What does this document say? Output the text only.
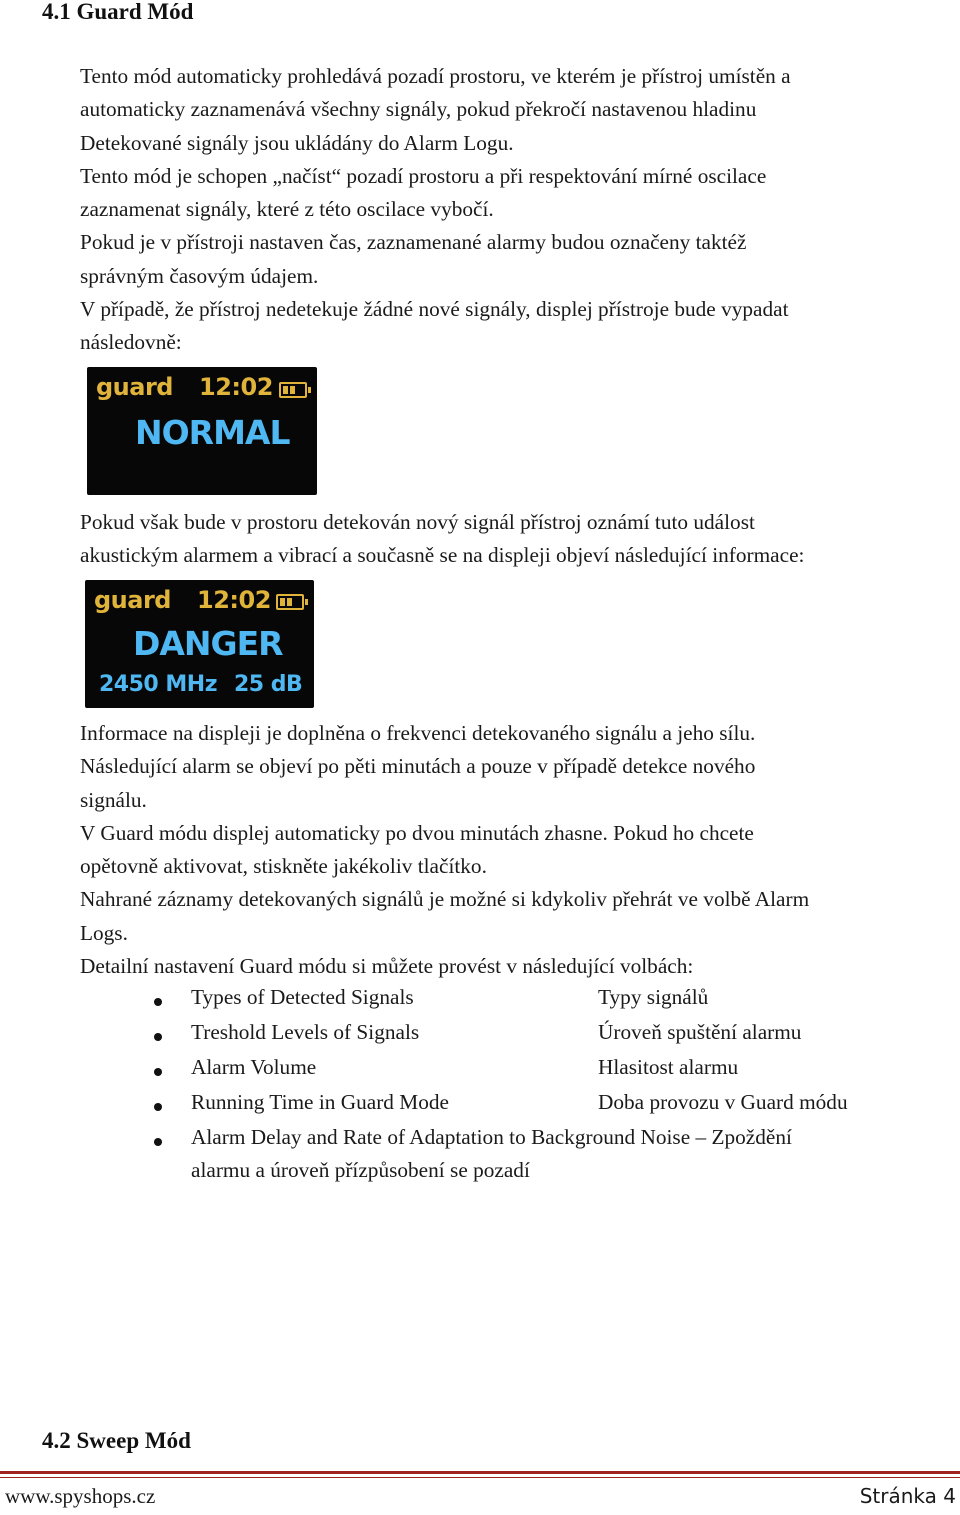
4.1 Guard Mód
Tento mód automaticky prohledává pozadí prostoru, ve kterém je přístroj umístěn a
automaticky zaznamenává všechny signály, pokud překročí nastavenou hladinu
Detekované signály jsou ukládány do Alarm Logu.
Tento mód je schopen „načíst“ pozadí prostoru a při respektování mírné oscilace
zaznamenat signály, které z této oscilace vybočí.
Pokud je v přístroji nastaven čas, zaznamenané alarmy budou označeny taktéž
správným časovým údajem.
V případě, že přístroj nedetekuje žádné nové signály, displej přístroje bude vypadat
následovně:
guard 12:02
NORMAL
Pokud však bude v prostoru detekován nový signál přístroj oznámí tuto událost
akustickým alarmem a vibrací a současně se na displeji objeví následující informace:
guard 12:02
DANGER
2450 MHz 25 dB
Informace na displeji je doplněna o frekvenci detekovaného signálu a jeho sílu.
Následující alarm se objeví po pěti minutách a pouze v případě detekce nového
signálu.
V Guard módu displej automaticky po dvou minutách zhasne. Pokud ho chcete
opětovně aktivovat, stiskněte jakékoliv tlačítko.
Nahrané záznamy detekovaných signálů je možné si kdykoliv přehrát ve volbě Alarm
Logs.
Detailní nastavení Guard módu si můžete provést v následující volbách:
Types of Detected Signals	Typy signálů
Treshold Levels of Signals	Úroveň spuštění alarmu
Alarm Volume	Hlasitost alarmu
Running Time in Guard Mode	Doba provozu v Guard módu
Alarm Delay and Rate of Adaptation to Background Noise – Zpoždění
alarmu a úroveň přízpůsobení se pozadí
4.2 Sweep Mód
www.spyshops.cz	Stránka 4
